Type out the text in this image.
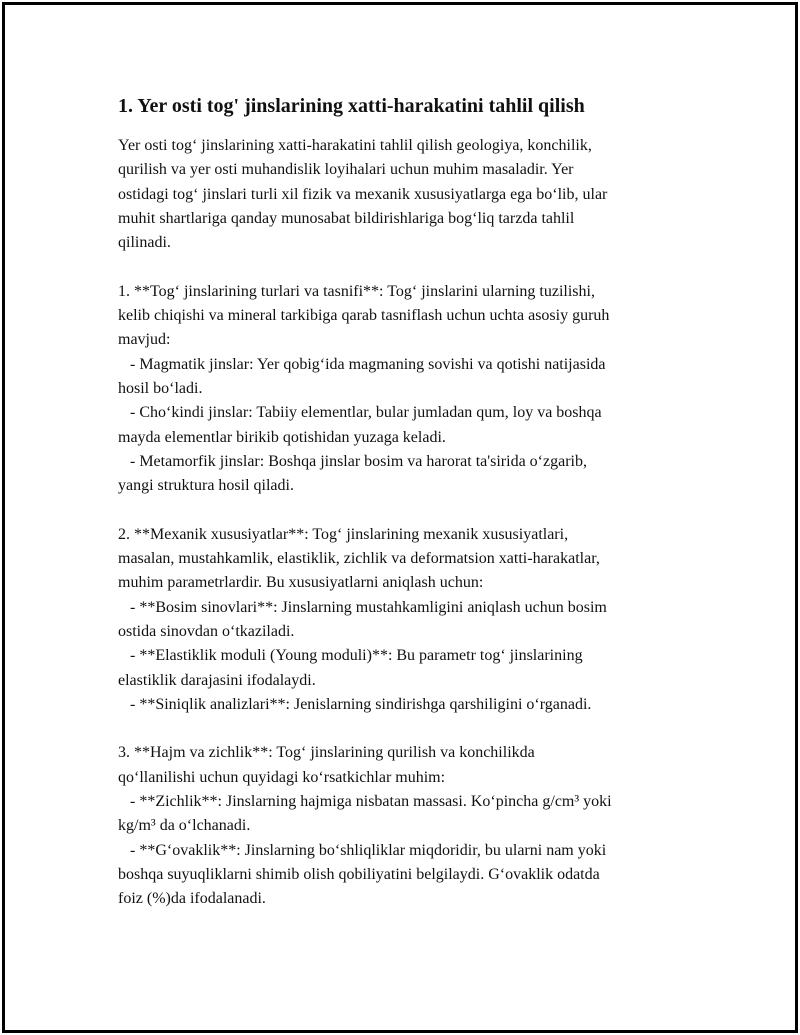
1. Yer osti tog' jinslarining xatti-harakatini tahlil qilish
Yer osti tog‘ jinslarining xatti-harakatini tahlil qilish geologiya, konchilik,
qurilish va yer osti muhandislik loyihalari uchun muhim masaladir. Yer
ostidagi tog‘ jinslari turli xil fizik va mexanik xususiyatlarga ega bo‘lib, ular
muhit shartlariga qanday munosabat bildirishlariga bog‘liq tarzda tahlil
qilinadi.
1. **Tog‘ jinslarining turlari va tasnifi**: Tog‘ jinslarini ularning tuzilishi,
kelib chiqishi va mineral tarkibiga qarab tasniflash uchun uchta asosiy guruh
mavjud:
- Magmatik jinslar: Yer qobig‘ida magmaning sovishi va qotishi natijasida
hosil bo‘ladi.
- Cho‘kindi jinslar: Tabiiy elementlar, bular jumladan qum, loy va boshqa
mayda elementlar birikib qotishidan yuzaga keladi.
- Metamorfik jinslar: Boshqa jinslar bosim va harorat ta'sirida o‘zgarib,
yangi struktura hosil qiladi.
2. **Mexanik xususiyatlar**: Tog‘ jinslarining mexanik xususiyatlari,
masalan, mustahkamlik, elastiklik, zichlik va deformatsion xatti-harakatlar,
muhim parametrlardir. Bu xususiyatlarni aniqlash uchun:
- **Bosim sinovlari**: Jinslarning mustahkamligini aniqlash uchun bosim
ostida sinovdan o‘tkaziladi.
- **Elastiklik moduli (Young moduli)**: Bu parametr tog‘ jinslarining
elastiklik darajasini ifodalaydi.
- **Siniqlik analizlari**: Jenislarning sindirishga qarshiligini o‘rganadi.
3. **Hajm va zichlik**: Tog‘ jinslarining qurilish va konchilikda
qo‘llanilishi uchun quyidagi ko‘rsatkichlar muhim:
- **Zichlik**: Jinslarning hajmiga nisbatan massasi. Ko‘pincha g/cm³ yoki
kg/m³ da o‘lchanadi.
- **G‘ovaklik**: Jinslarning bo‘shliqliklar miqdoridir, bu ularni nam yoki
boshqa suyuqliklarni shimib olish qobiliyatini belgilaydi. G‘ovaklik odatda
foiz (%)da ifodalanadi.
